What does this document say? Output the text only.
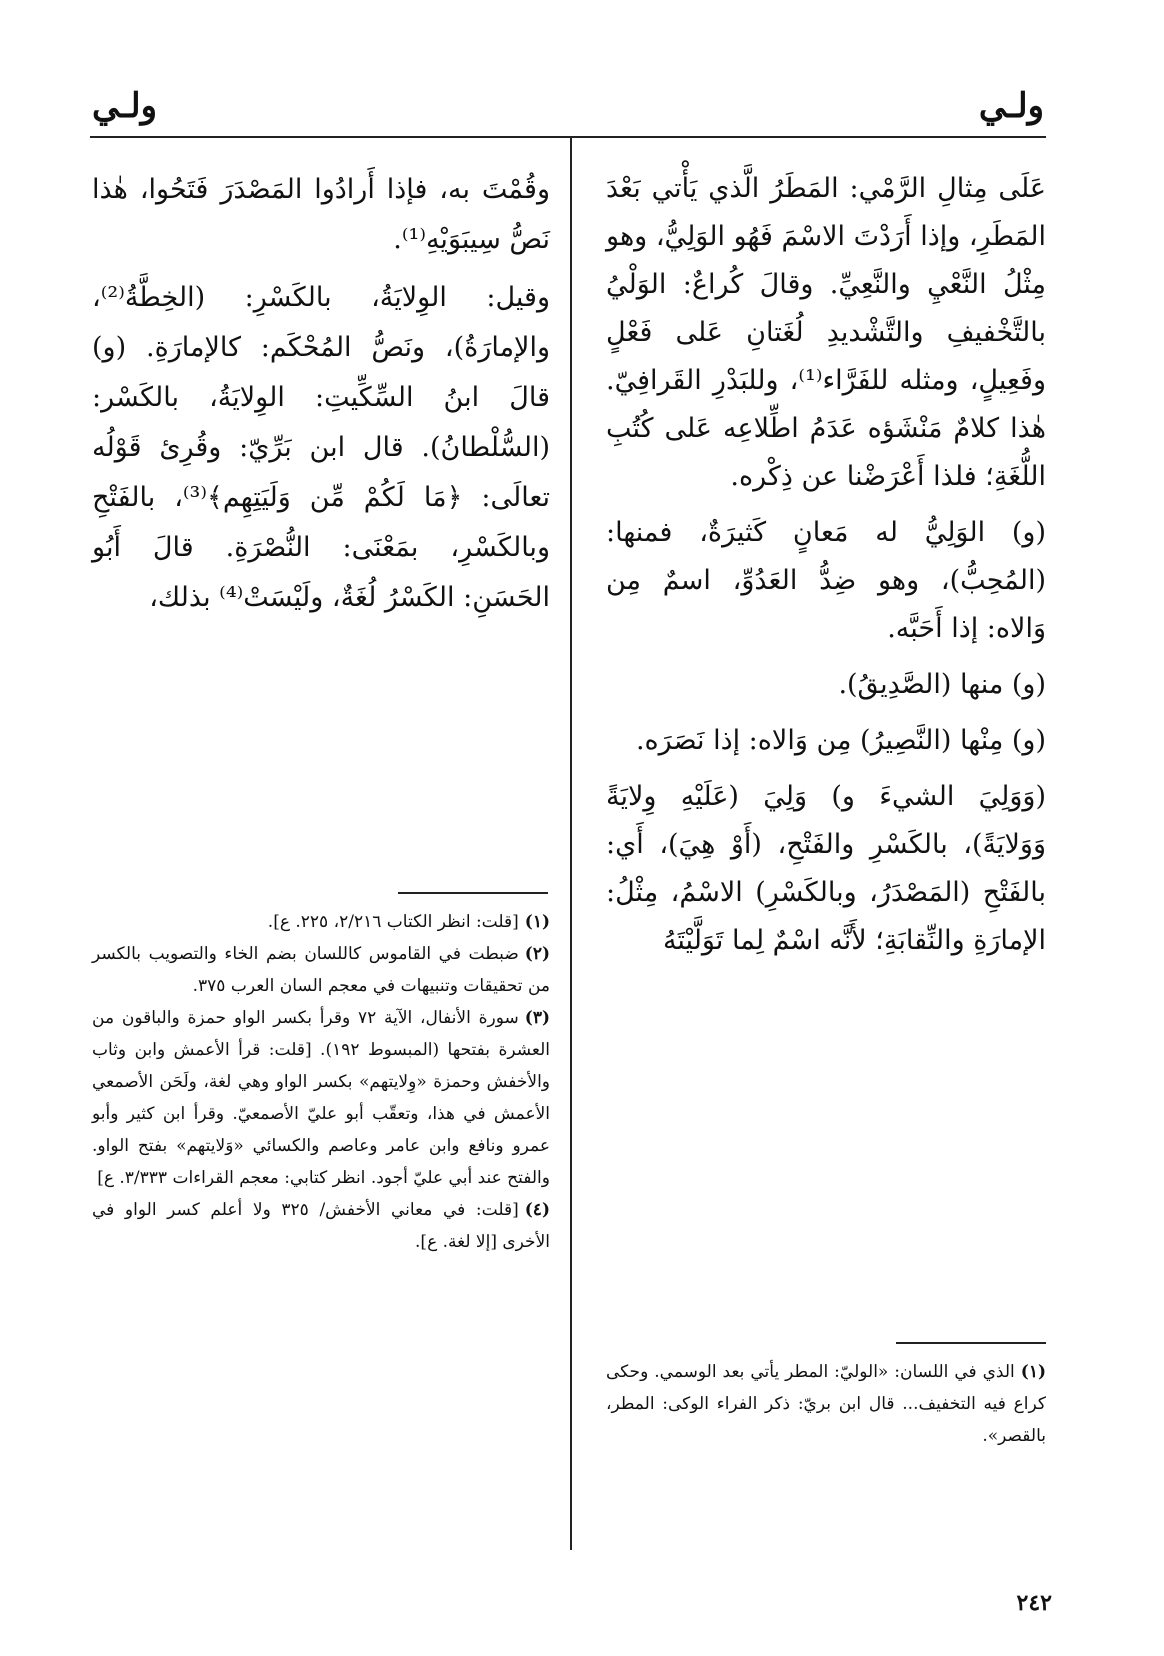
ولـي
ولـي

عَلَى مِثالِ الرَّمْي: المَطَرُ الَّذي يَأْتي بَعْدَ المَطَرِ، وإذا أَرَدْتَ الاسْمَ فَهُو الوَلِيُّ، وهو مِثْلُ النَّعْيِ والنَّعِيِّ. وقالَ كُراعٌ: الوَلْيُ بالتَّخْفيفِ والتَّشْديدِ لُغَتانِ عَلى فَعْلٍ وفَعِيلٍ، ومثله للفَرَّاء⁽¹⁾، وللبَدْرِ القَرافِيّ. هٰذا كلامٌ مَنْشَؤه عَدَمُ اطِّلاعِه عَلى كُتُبِ اللُّغَةِ؛ فلذا أَعْرَضْنا عن ذِكْره.

(و) الوَلِيُّ له مَعانٍ كَثيرَةٌ، فمنها: (المُحِبُّ)، وهو ضِدُّ العَدُوِّ، اسمٌ مِن وَالاه: إذا أَحَبَّه.

(و) منها (الصَّدِيقُ).

(و) مِنْها (النَّصِيرُ) مِن وَالاه: إذا نَصَرَه.

(وَوَلِيَ الشيءَ و) وَلِيَ (عَلَيْهِ وِلايَةً وَوَلايَةً)، بالكَسْرِ والفَتْحِ، (أَوْ هِيَ)، أَي: بالفَتْحِ (المَصْدَرُ، وبالكَسْرِ) الاسْمُ، مِثْلُ: الإمارَةِ والنِّقابَةِ؛ لأَنَّه اسْمٌ لِما تَوَلَّيْتَهُ

وقُمْتَ به، فإذا أَرادُوا المَصْدَرَ فَتَحُوا، هٰذا نَصُّ سِيبَوَيْهِ⁽¹⁾.

وقيل: الوِلايَةُ، بالكَسْرِ: (الخِطَّةُ⁽²⁾، والإمارَةُ)، ونَصُّ المُحْكَم: كالإمارَةِ. (و) قالَ ابنُ السِّكِّيتِ: الوِلايَةُ، بالكَسْر: (السُّلْطانُ). قال ابن بَرِّيّ: وقُرِئ قَوْلُه تعالَى: ﴿مَا لَكُمْ مِّن وَلَيَتِهِم﴾⁽³⁾، بالفَتْحِ وبالكَسْرِ، بمَعْنَى: النُّصْرَةِ. قالَ أَبُو الحَسَنِ: الكَسْرُ لُغَةٌ، ولَيْسَتْ⁽⁴⁾ بذلك،

(١)[قلت: انظر الكتاب ٢/٢١٦، ٢٢٥. ع].

(٢)ضبطت في القاموس كاللسان بضم الخاء والتصويب بالكسر من تحقيقات وتنبيهات في معجم السان العرب ٣٧٥.

(٣)سورة الأنفال، الآية ٧٢ وقرأ بكسر الواو حمزة والباقون من العشرة بفتحها (المبسوط ١٩٢). [قلت: قرأ الأعمش وابن وثاب والأخفش وحمزة «وِلايتهم» بكسر الواو وهي لغة، ولَحَن الأصمعي الأعمش في هذا، وتعقّب أبو عليّ الأصمعيّ. وقرأ ابن كثير وأبو عمرو ونافع وابن عامر وعاصم والكسائي «وَلايتهم» بفتح الواو. والفتح عند أبي عليّ أجود. انظر كتابي: معجم القراءات ٣/٣٣٣. ع]

(٤)[قلت: في معاني الأخفش/ ٣٢٥ ولا أعلم كسر الواو في الأخرى [إلا لغة. ع].

(١)الذي في اللسان: «الوليّ: المطر يأتي بعد الوسمي. وحكى كراع فيه التخفيف... قال ابن بريّ: ذكر الفراء الوكى: المطر، بالقصر».

٢٤٢
